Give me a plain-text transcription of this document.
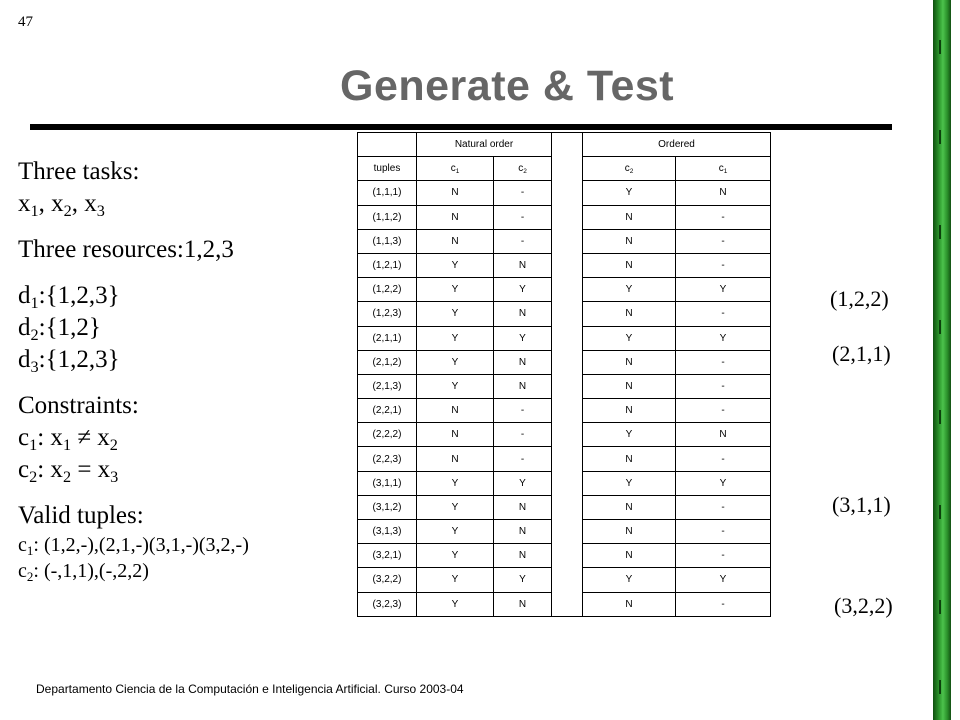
47
Generate & Test
Three tasks:
$x_1$, $x_2$, $x_3$
Three resources:1,2,3
$d_1:\{1,2,3\}$
$d_2:\{1,2\}$
$d_3:\{1,2,3\}$
Constraints:
$c_1$: $x_1 \ne x_2$
$c_2$: $x_2 = x_3$
Valid tuples:
$c_1$: (1,2,-),(2,1,-)(3,1,-)(3,2,-)
$c_2$: (-,1,1),(-,2,2)
	Natural order			Ordered	
tuples	$c_1$	$c_2$		$c_2$	$c_1$
(1,1,1)	N	-		Y	N
(1,1,2)	N	-		N	-
(1,1,3)	N	-		N	-
(1,2,1)	Y	N		N	-
(1,2,2)	Y	Y		Y	Y
(1,2,3)	Y	N		N	-
(2,1,1)	Y	Y		Y	Y
(2,1,2)	Y	N		N	-
(2,1,3)	Y	N		N	-
(2,2,1)	N	-		N	-
(2,2,2)	N	-		Y	N
(2,2,3)	N	-		N	-
(3,1,1)	Y	Y		Y	Y
(3,1,2)	Y	N		N	-
(3,1,3)	Y	N		N	-
(3,2,1)	Y	N		N	-
(3,2,2)	Y	Y		Y	Y
(3,2,3)	Y	N		N	-
(1,2,2)
(2,1,1)
(3,1,1)
(3,2,2)
Departamento Ciencia de la Computación e Inteligencia Artificial. Curso 2003-04
